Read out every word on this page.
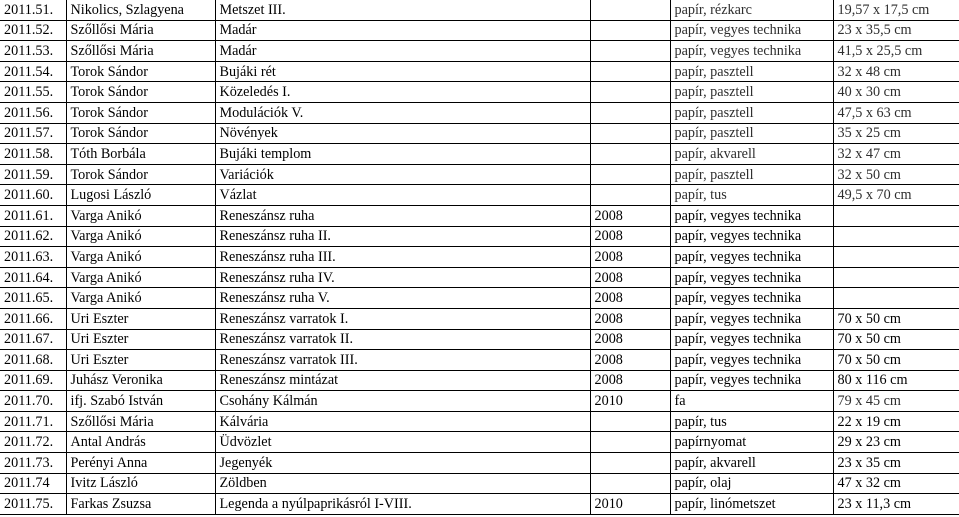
2011.51.	Nikolics, Szlagyena	Metszet III.		papír, rézkarc	19,57 x 17,5 cm
2011.52.	Szőllősi Mária	Madár		papír, vegyes technika	23 x 35,5 cm
2011.53.	Szőllősi Mária	Madár		papír, vegyes technika	41,5 x 25,5 cm
2011.54.	Torok Sándor	Bujáki rét		papír, pasztell	32 x 48 cm
2011.55.	Torok Sándor	Közeledés I.		papír, pasztell	40 x 30 cm
2011.56.	Torok Sándor	Modulációk V.		papír, pasztell	47,5 x 63 cm
2011.57.	Torok Sándor	Növények		papír, pasztell	35 x 25 cm
2011.58.	Tóth Borbála	Bujáki templom		papír, akvarell	32 x 47 cm
2011.59.	Torok Sándor	Variációk		papír, pasztell	32 x 50 cm
2011.60.	Lugosi László	Vázlat		papír, tus	49,5 x 70 cm
2011.61.	Varga Anikó	Reneszánsz ruha	2008	papír, vegyes technika	
2011.62.	Varga Anikó	Reneszánsz ruha II.	2008	papír, vegyes technika	
2011.63.	Varga Anikó	Reneszánsz ruha III.	2008	papír, vegyes technika	
2011.64.	Varga Anikó	Reneszánsz ruha IV.	2008	papír, vegyes technika	
2011.65.	Varga Anikó	Reneszánsz ruha V.	2008	papír, vegyes technika	
2011.66.	Uri Eszter	Reneszánsz varratok I.	2008	papír, vegyes technika	70 x 50 cm
2011.67.	Uri Eszter	Reneszánsz varratok II.	2008	papír, vegyes technika	70 x 50 cm
2011.68.	Uri Eszter	Reneszánsz varratok III.	2008	papír, vegyes technika	70 x 50 cm
2011.69.	Juhász Veronika	Reneszánsz mintázat	2008	papír, vegyes technika	80 x 116 cm
2011.70.	ifj. Szabó István	Csohány Kálmán	2010	fa	79 x 45 cm
2011.71.	Szőllősi Mária	Kálvária		papír, tus	22 x 19 cm
2011.72.	Antal András	Üdvözlet		papírnyomat	29 x 23 cm
2011.73.	Perényi Anna	Jegenyék		papír, akvarell	23 x 35 cm
2011.74	Ivitz László	Zöldben		papír, olaj	47 x 32 cm
2011.75.	Farkas Zsuzsa	Legenda a nyúlpaprikásról I-VIII.	2010	papír, linómetszet	23 x 11,3 cm
